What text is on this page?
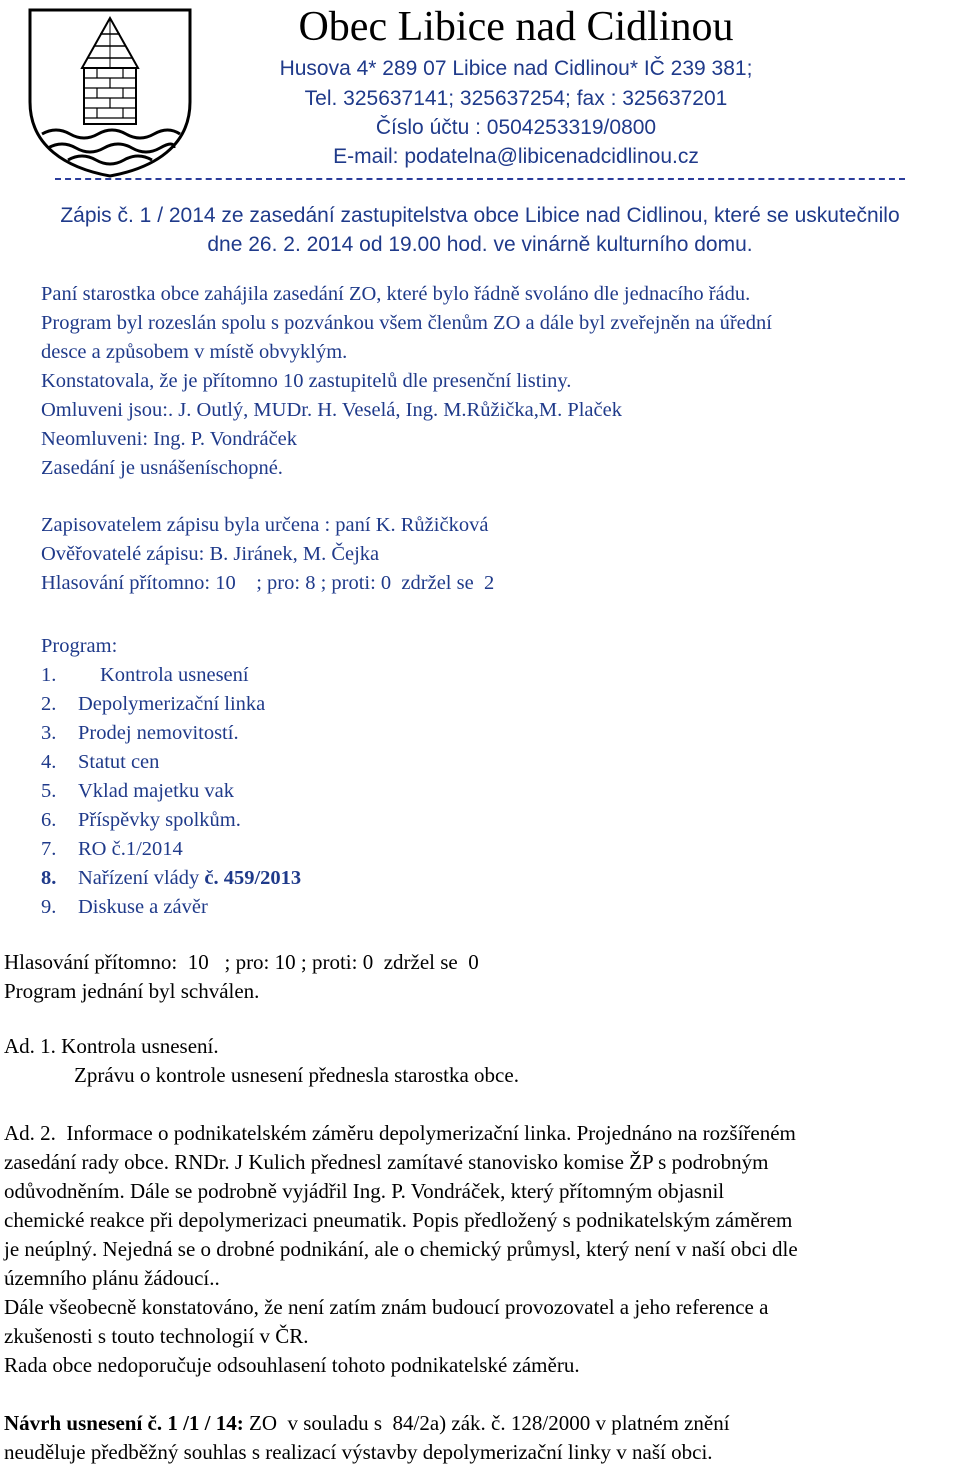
Obec Libice nad Cidlinou
Husova 4* 289 07 Libice nad Cidlinou* IČ 239 381;
Tel. 325637141; 325637254; fax : 325637201
Číslo účtu : 0504253319/0800
E-mail: podatelna@libicenadcidlinou.cz
Zápis č. 1 / 2014 ze zasedání zastupitelstva obce Libice nad Cidlinou, které se uskutečnilo
dne 26. 2. 2014 od 19.00 hod. ve vinárně kulturního domu.
Paní starostka obce zahájila zasedání ZO, které bylo řádně svoláno dle jednacího řádu.
Program byl rozeslán spolu s pozvánkou všem členům ZO a dále byl zveřejněn na úřední
desce a způsobem v místě obvyklým.
Konstatovala, že je přítomno 10 zastupitelů dle presenční listiny.
Omluveni jsou:. J. Outlý, MUDr. H. Veselá, Ing. M.Růžička,M. Plaček
Neomluveni: Ing. P. Vondráček
Zasedání je usnášeníschopné.
Zapisovatelem zápisu byla určena : paní K. Růžičková
Ověřovatelé zápisu: B. Jiránek, M. Čejka
Hlasování přítomno: 10    ; pro: 8 ; proti: 0  zdržel se  2
Program:
1. Kontrola usnesení
2. Depolymerizační linka
3. Prodej nemovitostí.
4. Statut cen
5. Vklad majetku vak
6. Příspěvky spolkům.
7. RO č.1/2014
8. Nařízení vlády č. 459/2013
9. Diskuse a závěr
Hlasování přítomno:  10   ; pro: 10 ; proti: 0  zdržel se  0
Program jednání byl schválen.
Ad. 1. Kontrola usnesení.
Zprávu o kontrole usnesení přednesla starostka obce.
Ad. 2.  Informace o podnikatelském záměru depolymerizační linka. Projednáno na rozšířeném
zasedání rady obce. RNDr. J Kulich přednesl zamítavé stanovisko komise ŽP s podrobným
odůvodněním. Dále se podrobně vyjádřil Ing. P. Vondráček, který přítomným objasnil
chemické reakce při depolymerizaci pneumatik. Popis předložený s podnikatelským záměrem
je neúplný. Nejedná se o drobné podnikání, ale o chemický průmysl, který není v naší obci dle
územního plánu žádoucí..
Dále všeobecně konstatováno, že není zatím znám budoucí provozovatel a jeho reference a
zkušenosti s touto technologií v ČR.
Rada obce nedoporučuje odsouhlasení tohoto podnikatelské záměru.
Návrh usnesení č. 1 /1 / 14: ZO  v souladu s  84/2a) zák. č. 128/2000 v platném znění
neuděluje předběžný souhlas s realizací výstavby depolymerizační linky v naší obci.
